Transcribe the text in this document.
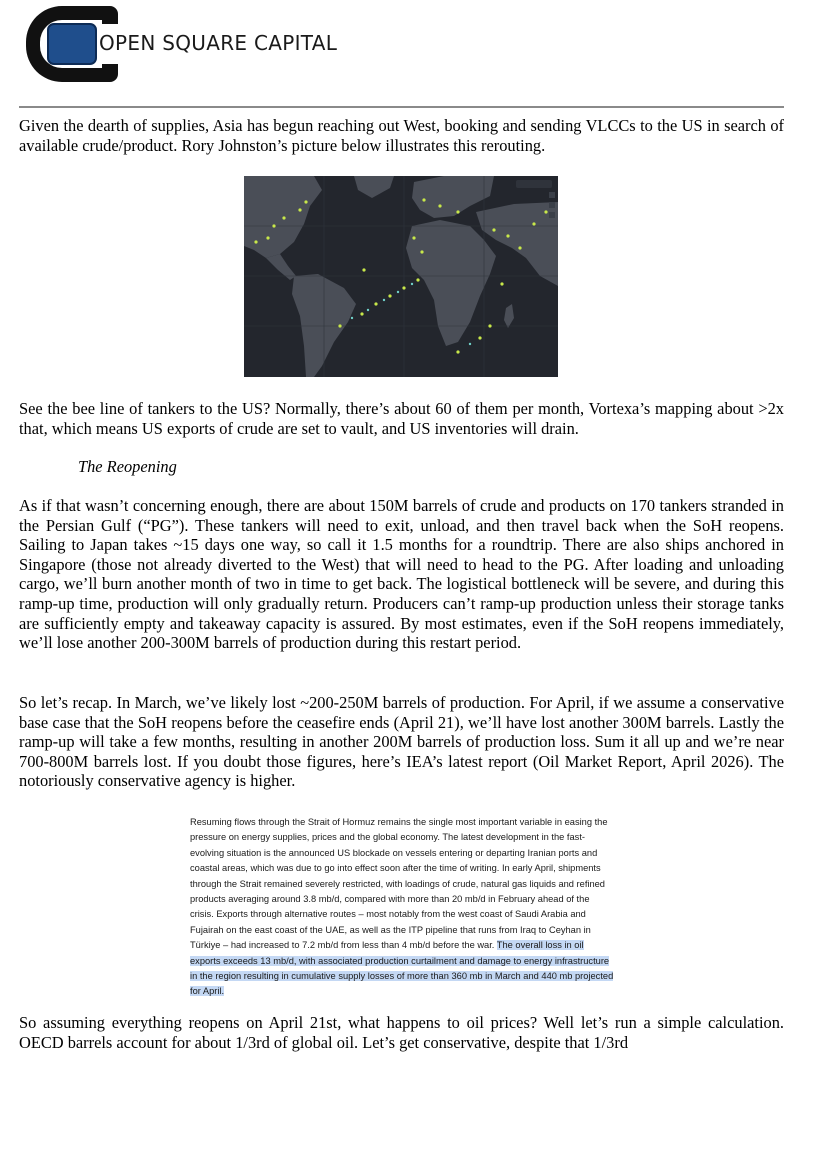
OPEN SQUARE CAPITAL

Given the dearth of supplies, Asia has begun reaching out West, booking and sending VLCCs to the US in search of available crude/product. Rory Johnston’s picture below illustrates this rerouting.

See the bee line of tankers to the US? Normally, there’s about 60 of them per month, Vortexa’s mapping about >2x that, which means US exports of crude are set to vault, and US inventories will drain.

The Reopening

As if that wasn’t concerning enough, there are about 150M barrels of crude and products on 170 tankers stranded in the Persian Gulf (“PG”). These tankers will need to exit, unload, and then travel back when the SoH reopens. Sailing to Japan takes ~15 days one way, so call it 1.5 months for a roundtrip. There are also ships anchored in Singapore (those not already diverted to the West) that will need to head to the PG. After loading and unloading cargo, we’ll burn another month of two in time to get back. The logistical bottleneck will be severe, and during this ramp-up time, production will only gradually return. Producers can’t ramp-up production unless their storage tanks are sufficiently empty and takeaway capacity is assured. By most estimates, even if the SoH reopens immediately, we’ll lose another 200-300M barrels of production during this restart period.

So let’s recap. In March, we’ve likely lost ~200-250M barrels of production. For April, if we assume a conservative base case that the SoH reopens before the ceasefire ends (April 21), we’ll have lost another 300M barrels. Lastly the ramp-up will take a few months, resulting in another 200M barrels of production loss. Sum it all up and we’re near 700-800M barrels lost. If you doubt those figures, here’s IEA’s latest report (Oil Market Report, April 2026). The notoriously conservative agency is higher.

Resuming flows through the Strait of Hormuz remains the single most important variable in easing the pressure on energy supplies, prices and the global economy. The latest development in the fast-evolving situation is the announced US blockade on vessels entering or departing Iranian ports and coastal areas, which was due to go into effect soon after the time of writing. In early April, shipments through the Strait remained severely restricted, with loadings of crude, natural gas liquids and refined products averaging around 3.8 mb/d, compared with more than 20 mb/d in February ahead of the crisis. Exports through alternative routes – most notably from the west coast of Saudi Arabia and Fujairah on the east coast of the UAE, as well as the ITP pipeline that runs from Iraq to Ceyhan in Türkiye – had increased to 7.2 mb/d from less than 4 mb/d before the war. The overall loss in oil exports exceeds 13 mb/d, with associated production curtailment and damage to energy infrastructure in the region resulting in cumulative supply losses of more than 360 mb in March and 440 mb projected for April.

So assuming everything reopens on April 21st, what happens to oil prices? Well let’s run a simple calculation. OECD barrels account for about 1/3rd of global oil. Let’s get conservative, despite that 1/3rd
